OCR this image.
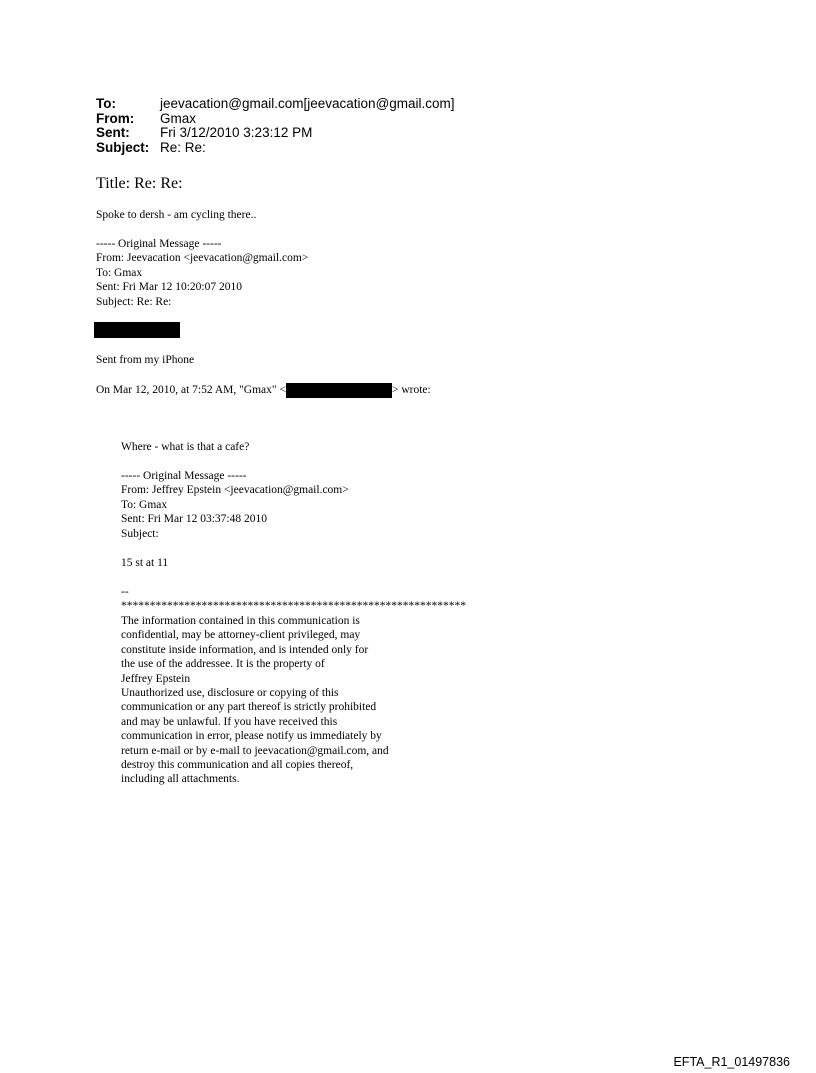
To:	jeevacation@gmail.com[jeevacation@gmail.com]
From:	Gmax
Sent:	Fri 3/12/2010 3:23:12 PM
Subject: Re: Re:
Title: Re: Re:
Spoke to dersh - am cycling there..
----- Original Message -----
From: Jeevacation <jeevacation@gmail.com>
To: Gmax
Sent: Fri Mar 12 10:20:07 2010
Subject: Re: Re:
Sent from my iPhone
On Mar 12, 2010, at 7:52 AM, "Gmax" <	> wrote:
Where - what is that a cafe?
----- Original Message -----
From: Jeffrey Epstein <jeevacation@gmail.com>
To: Gmax
Sent: Fri Mar 12 03:37:48 2010
Subject:
15 st at 11
--
************************************************************
The information contained in this communication is
confidential, may be attorney-client privileged, may
constitute inside information, and is intended only for
the use of the addressee. It is the property of
Jeffrey Epstein
Unauthorized use, disclosure or copying of this
communication or any part thereof is strictly prohibited
and may be unlawful. If you have received this
communication in error, please notify us immediately by
return e-mail or by e-mail to jeevacation@gmail.com, and
destroy this communication and all copies thereof,
including all attachments.
EFTA_R1_01497836
